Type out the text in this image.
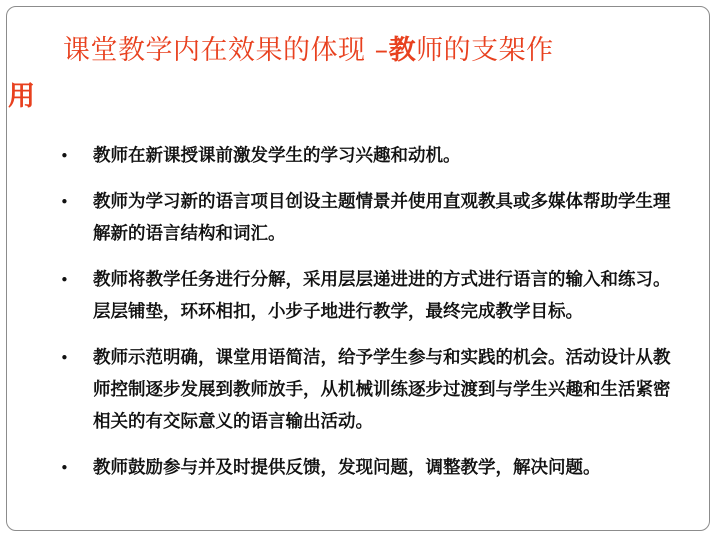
课堂教学内在效果的体现 –教师的支架作
用
• 教师在新课授课前激发学生的学习兴趣和动机。
• 教师为学习新的语言项目创设主题情景并使用直观教具或多媒体帮助学生理解新的语言结构和词汇。
• 教师将教学任务进行分解，采用层层递进进的方式进行语言的输入和练习。 层层铺垫，环环相扣，小步子地进行教学，最终完成教学目标。
• 教师示范明确，课堂用语简洁，给予学生参与和实践的机会。活动设计从教师控制逐步发展到教师放手，从机械训练逐步过渡到与学生兴趣和生活紧密相关的有交际意义的语言输出活动。
• 教师鼓励参与并及时提供反馈，发现问题，调整教学，解决问题。
